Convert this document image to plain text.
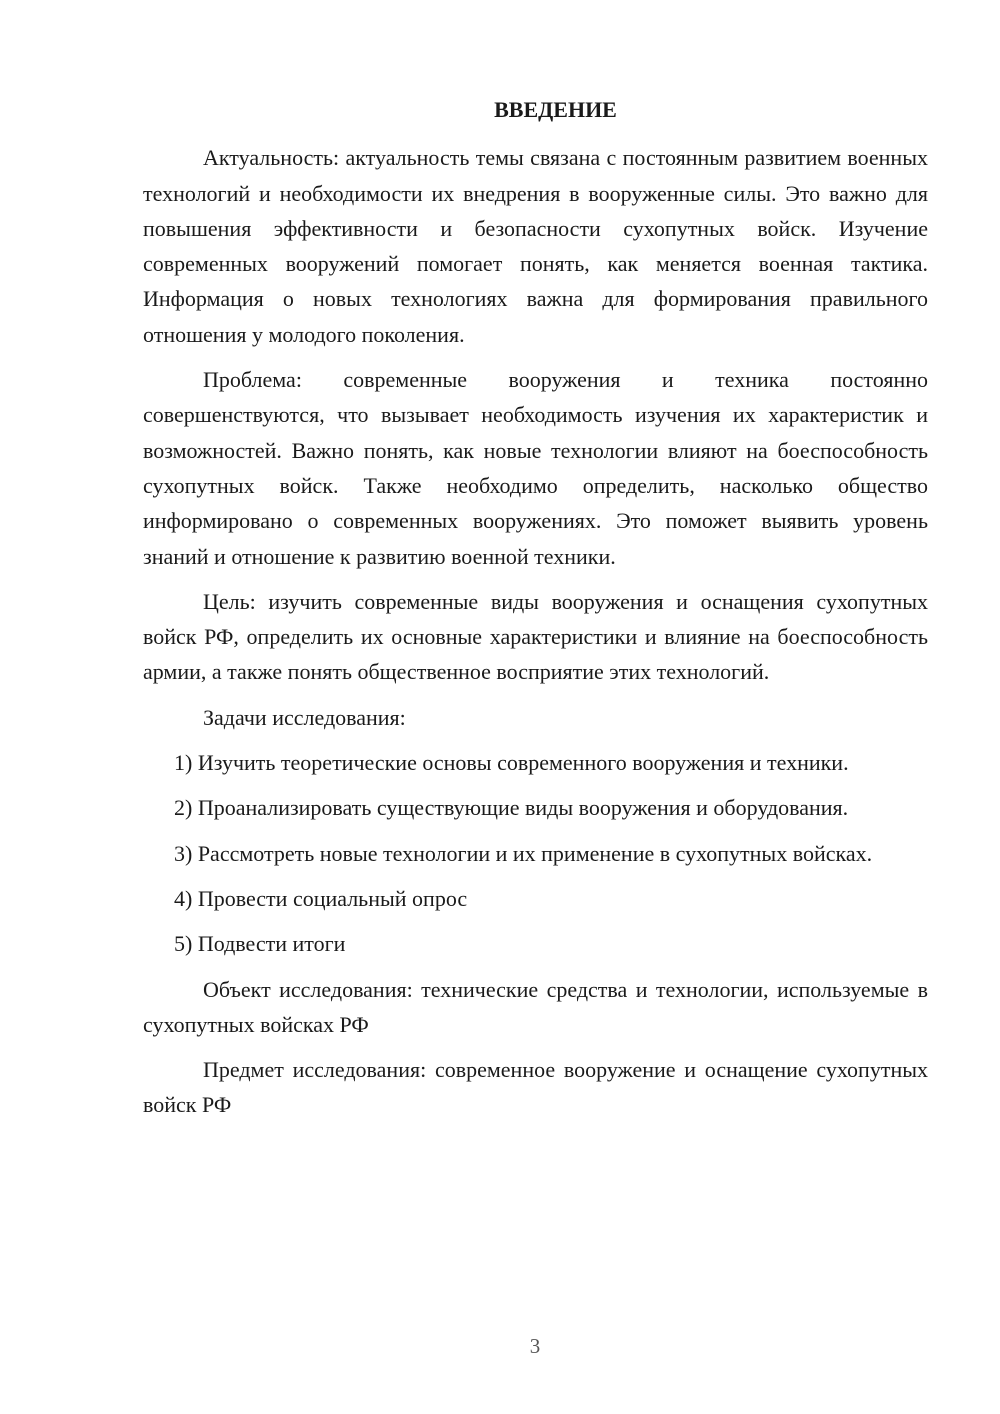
ВВЕДЕНИЕ

Актуальность: актуальность темы связана с постоянным развитием военных технологий и необходимости их внедрения в вооруженные силы. Это важно для повышения эффективности и безопасности сухопутных войск. Изучение современных вооружений помогает понять, как меняется военная тактика. Информация о новых технологиях важна для формирования правильного отношения у молодого поколения.

Проблема: современные вооружения и техника постоянно совершенствуются, что вызывает необходимость изучения их характеристик и возможностей. Важно понять, как новые технологии влияют на боеспособность сухопутных войск. Также необходимо определить, насколько общество информировано о современных вооружениях. Это поможет выявить уровень знаний и отношение к развитию военной техники.

Цель: изучить современные виды вооружения и оснащения сухопутных войск РФ, определить их основные характеристики и влияние на боеспособность армии, а также понять общественное восприятие этих технологий.

Задачи исследования:

1) Изучить теоретические основы современного вооружения и техники.

2) Проанализировать существующие виды вооружения и оборудования.

3) Рассмотреть новые технологии и их применение в сухопутных войсках.

4) Провести социальный опрос

5) Подвести итоги

Объект исследования: технические средства и технологии, используемые в сухопутных войсках РФ

Предмет исследования: современное вооружение и оснащение сухопутных войск РФ

3
